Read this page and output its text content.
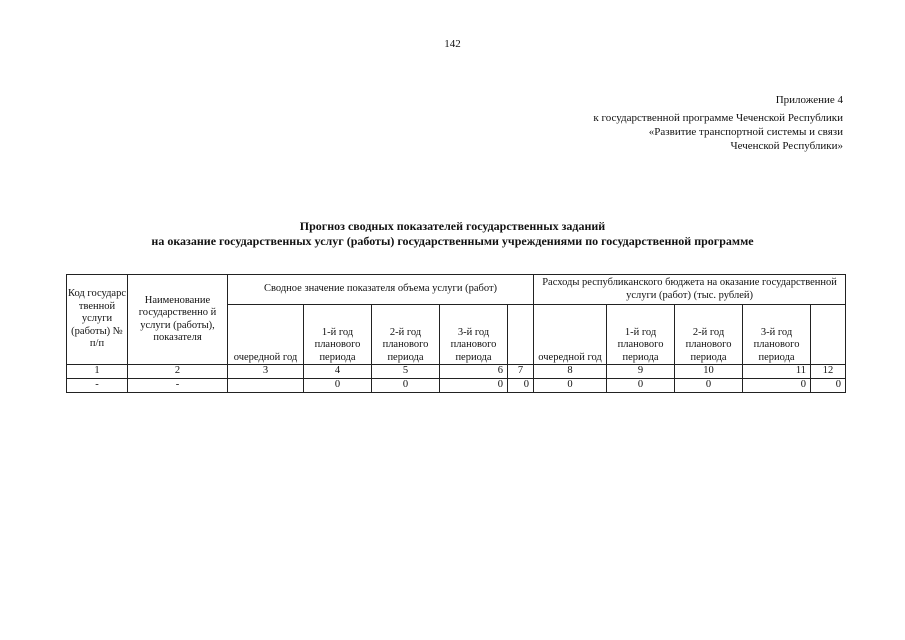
142
Приложение 4
к государственной программе Чеченской Республики
«Развитие транспортной системы и связи
Чеченской Республики»
Прогноз сводных показателей государственных заданий
на оказание государственных услуг (работы) государственными учреждениями по государственной программе
Код государс твенной услуги (работы) № п/п	Наименование государственно й услуги (работы), показателя	Сводное значение показателя объема услуги (работ)					Расходы республиканского бюджета на оказание государственной услуги (работ) (тыс. рублей)				
		очередной год	1-й год планового периода	2-й год планового периода	3-й год планового периода		очередной год	1-й год планового периода	2-й год планового периода	3-й год планового периода	
1	2	3	4	5	6	7	8	9	10	11	12
-	-		0	0	0	0	0	0	0	0	0
